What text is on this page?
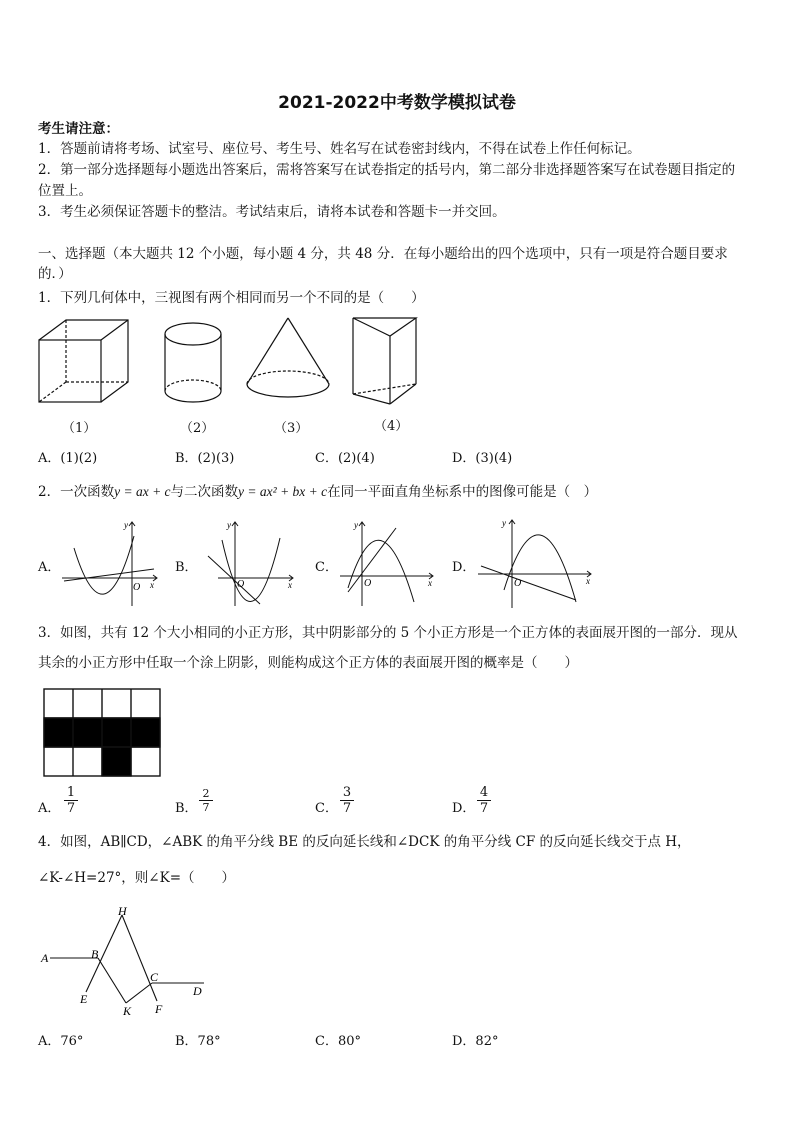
2021-2022中考数学模拟试卷
考生请注意：
1．答题前请将考场、试室号、座位号、考生号、姓名写在试卷密封线内，不得在试卷上作任何标记。
2．第一部分选择题每小题选出答案后，需将答案写在试卷指定的括号内，第二部分非选择题答案写在试卷题目指定的
位置上。
3．考生必须保证答题卡的整洁。考试结束后，请将本试卷和答题卡一并交回。
一、选择题（本大题共 12 个小题，每小题 4 分，共 48 分．在每小题给出的四个选项中，只有一项是符合题目要求
的．）
1．下列几何体中，三视图有两个相同而另一个不同的是（　　）
（1）	（2）	（3）	（4）
A．(1)(2)	B．(2)(3)	C．(2)(4)	D．(3)(4)
2．一次函数y = ax + c与二次函数y = ax² + bx + c在同一平面直角坐标系中的图像可能是（　）
A．
y
x
O
B．
y
x
O
C．
y
x
O
D．
y
x
O
3．如图，共有 12 个大小相同的小正方形，其中阴影部分的 5 个小正方形是一个正方体的表面展开图的一部分．现从
其余的小正方形中任取一个涂上阴影，则能构成这个正方体的表面展开图的概率是（　　）
A． $\frac{1}{7}$	B． $\frac{2}{7}$	C． $\frac{3}{7}$	D． $\frac{4}{7}$
4．如图，AB∥CD，∠ABK 的角平分线 BE 的反向延长线和∠DCK 的角平分线 CF 的反向延长线交于点 H，
∠K-∠H=27°，则∠K=（　　）
A	B
C
D
E
F
H
K
A．76°	B．78°	C．80°	D．82°
